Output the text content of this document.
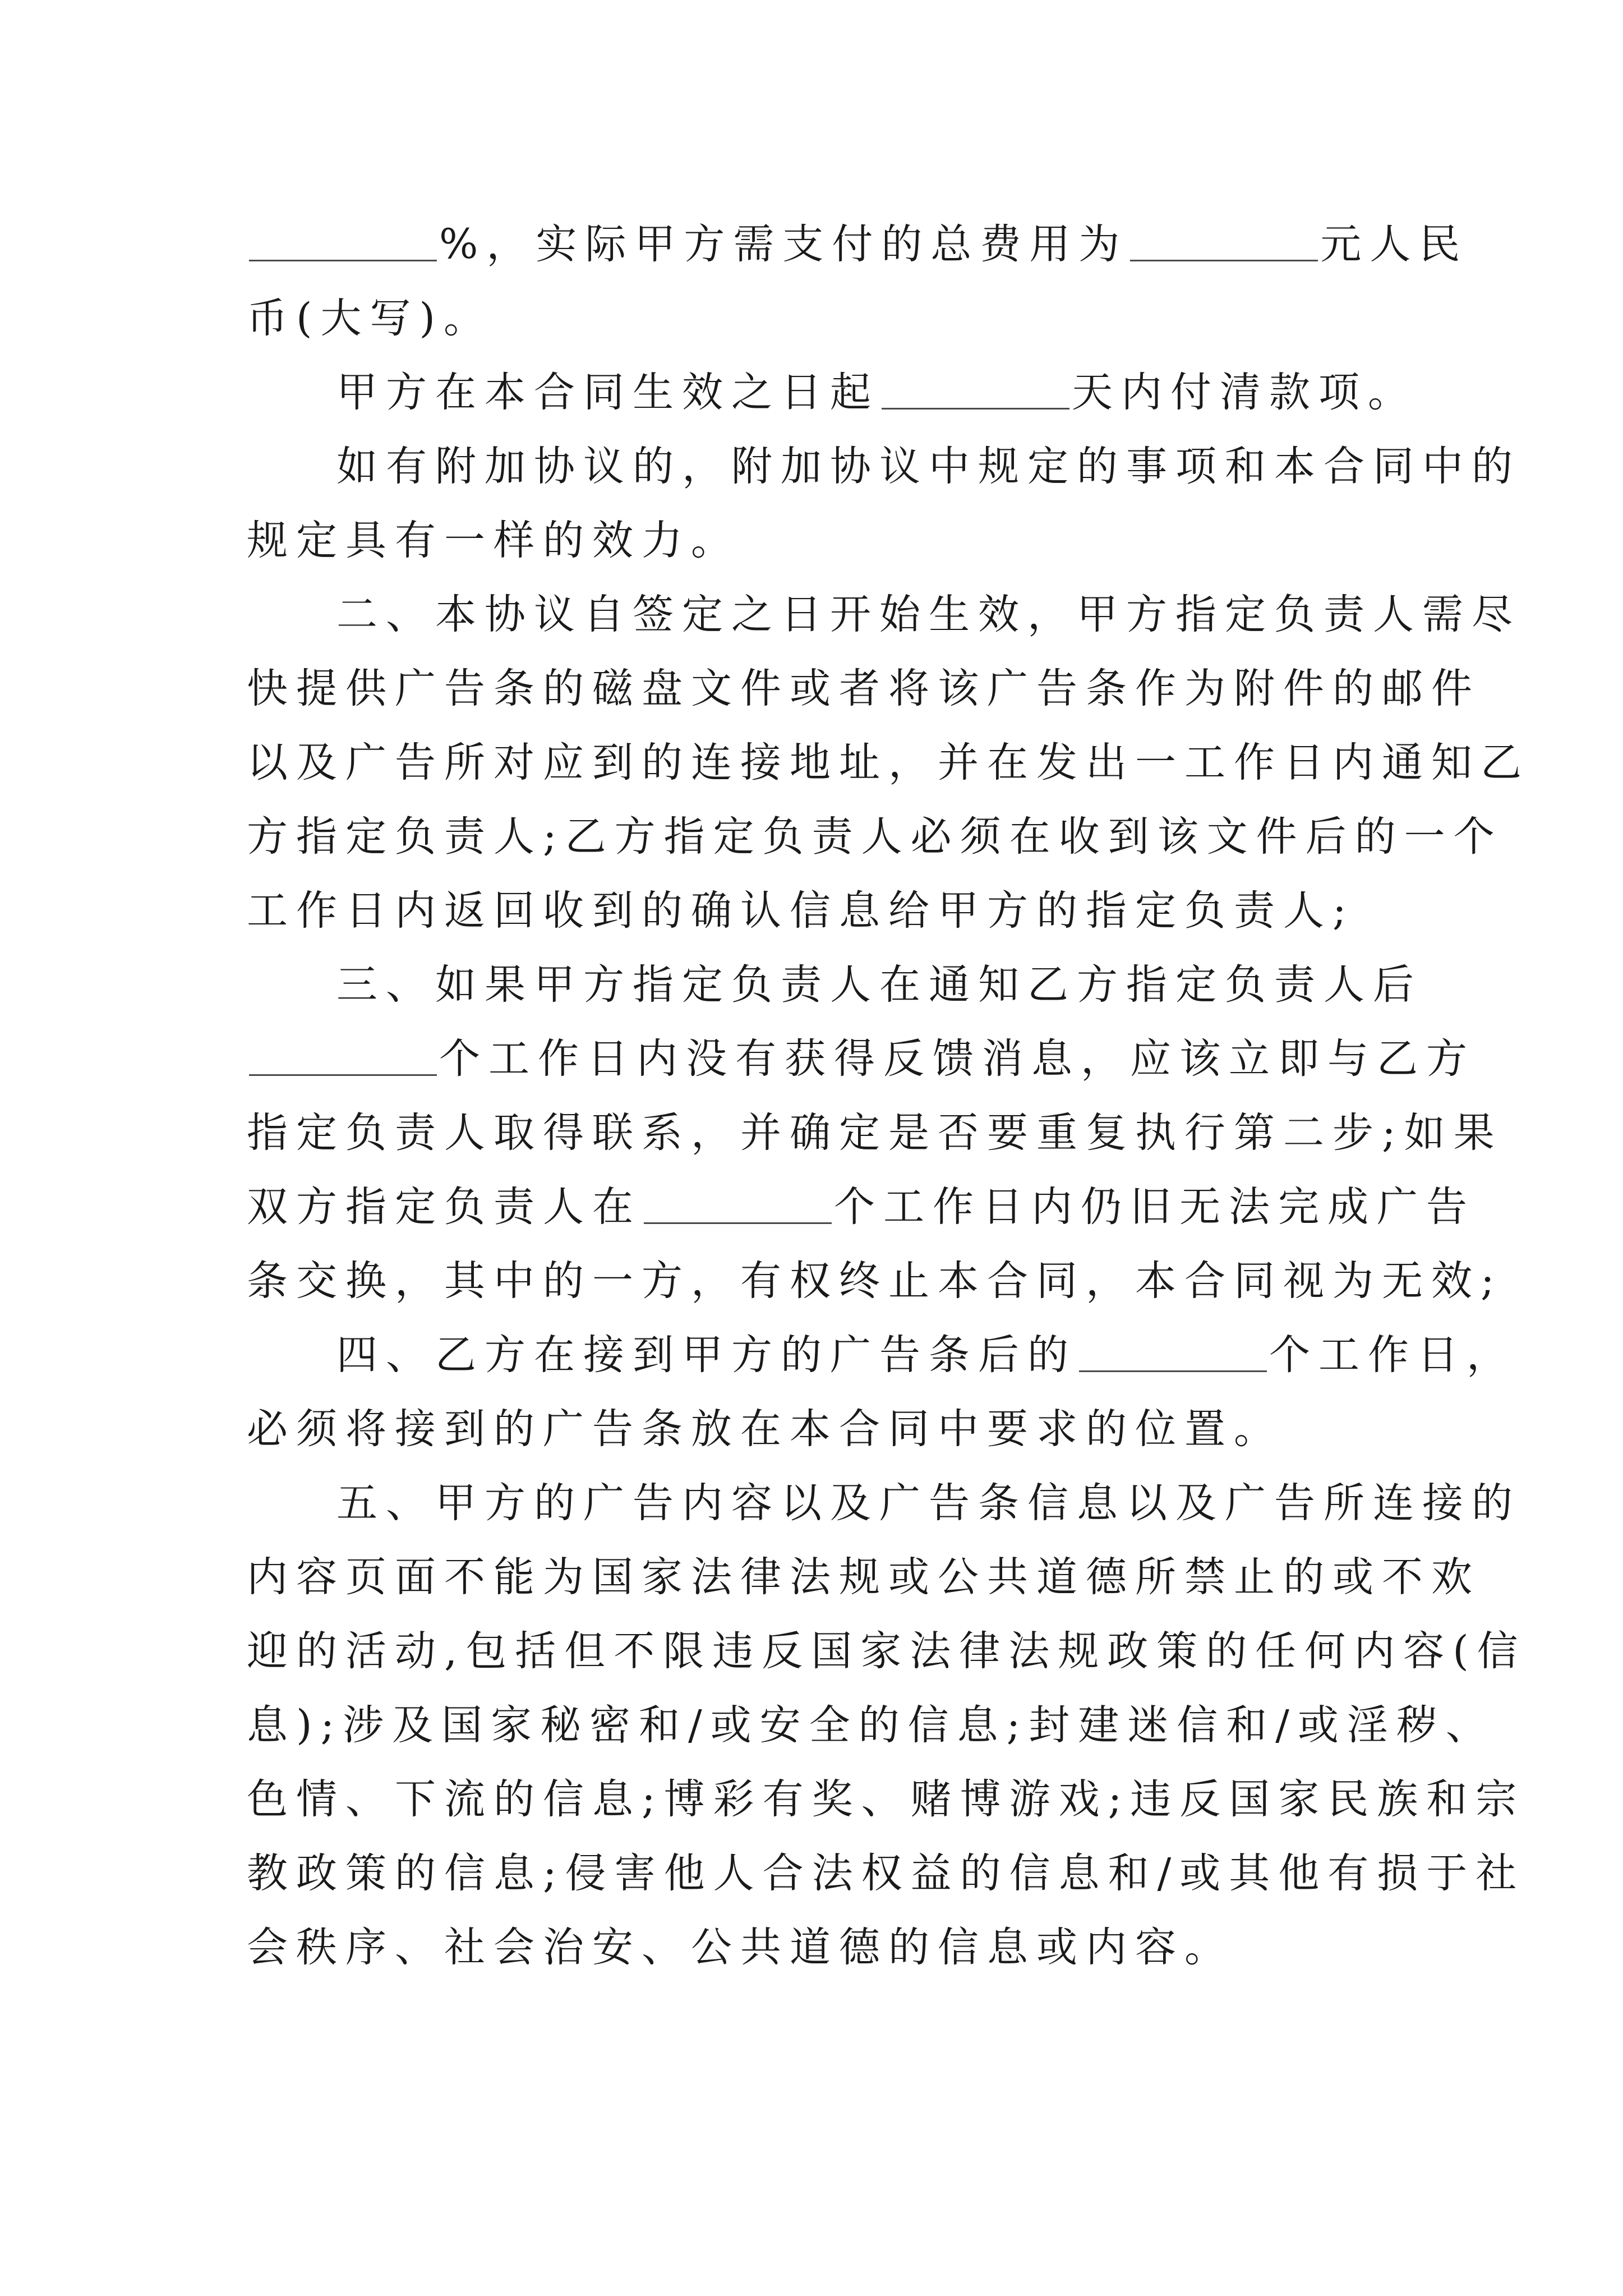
%，实际甲方需支付的总费用为	元人民
币(大写)。
甲方在本合同生效之日起	天内付清款项。
如有附加协议的，附加协议中规定的事项和本合同中的
规定具有一样的效力。
二、本协议自签定之日开始生效，甲方指定负责人需尽
快提供广告条的磁盘文件或者将该广告条作为附件的邮件
以及广告所对应到的连接地址，并在发出一工作日内通知乙
方指定负责人;乙方指定负责人必须在收到该文件后的一个
工作日内返回收到的确认信息给甲方的指定负责人;
三、如果甲方指定负责人在通知乙方指定负责人后
个工作日内没有获得反馈消息，应该立即与乙方
指定负责人取得联系，并确定是否要重复执行第二步;如果
双方指定负责人在	个工作日内仍旧无法完成广告
条交换，其中的一方，有权终止本合同，本合同视为无效;
四、乙方在接到甲方的广告条后的	个工作日，
必须将接到的广告条放在本合同中要求的位置。
五、甲方的广告内容以及广告条信息以及广告所连接的
内容页面不能为国家法律法规或公共道德所禁止的或不欢
迎的活动,包括但不限违反国家法律法规政策的任何内容(信
息);涉及国家秘密和/或安全的信息;封建迷信和/或淫秽、
色情、下流的信息;博彩有奖、赌博游戏;违反国家民族和宗
教政策的信息;侵害他人合法权益的信息和/或其他有损于社
会秩序、社会治安、公共道德的信息或内容。
